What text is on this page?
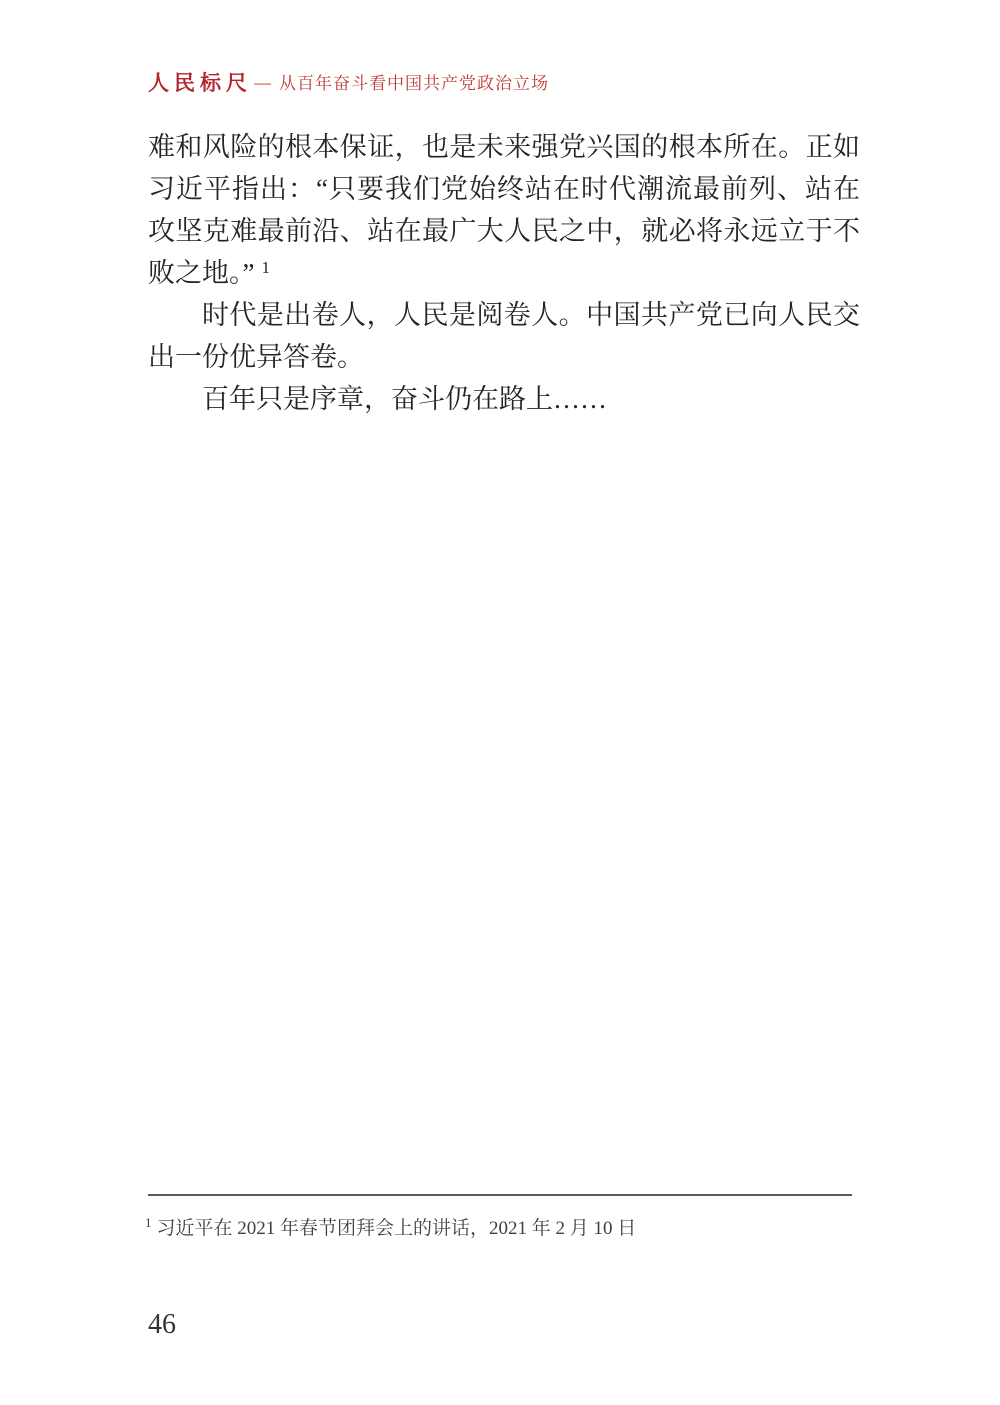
人民标尺 — 从百年奋斗看中国共产党政治立场

难和风险的根本保证，也是未来强党兴国的根本所在。正如习近平指出：“只要我们党始终站在时代潮流最前列、站在攻坚克难最前沿、站在最广大人民之中，就必将永远立于不败之地。” $^1$

时代是出卷人，人民是阅卷人。中国共产党已向人民交出一份优异答卷。

百年只是序章，奋斗仍在路上……

$^1$ 习近平在 2021 年春节团拜会上的讲话，2021 年 2 月 10 日
46
